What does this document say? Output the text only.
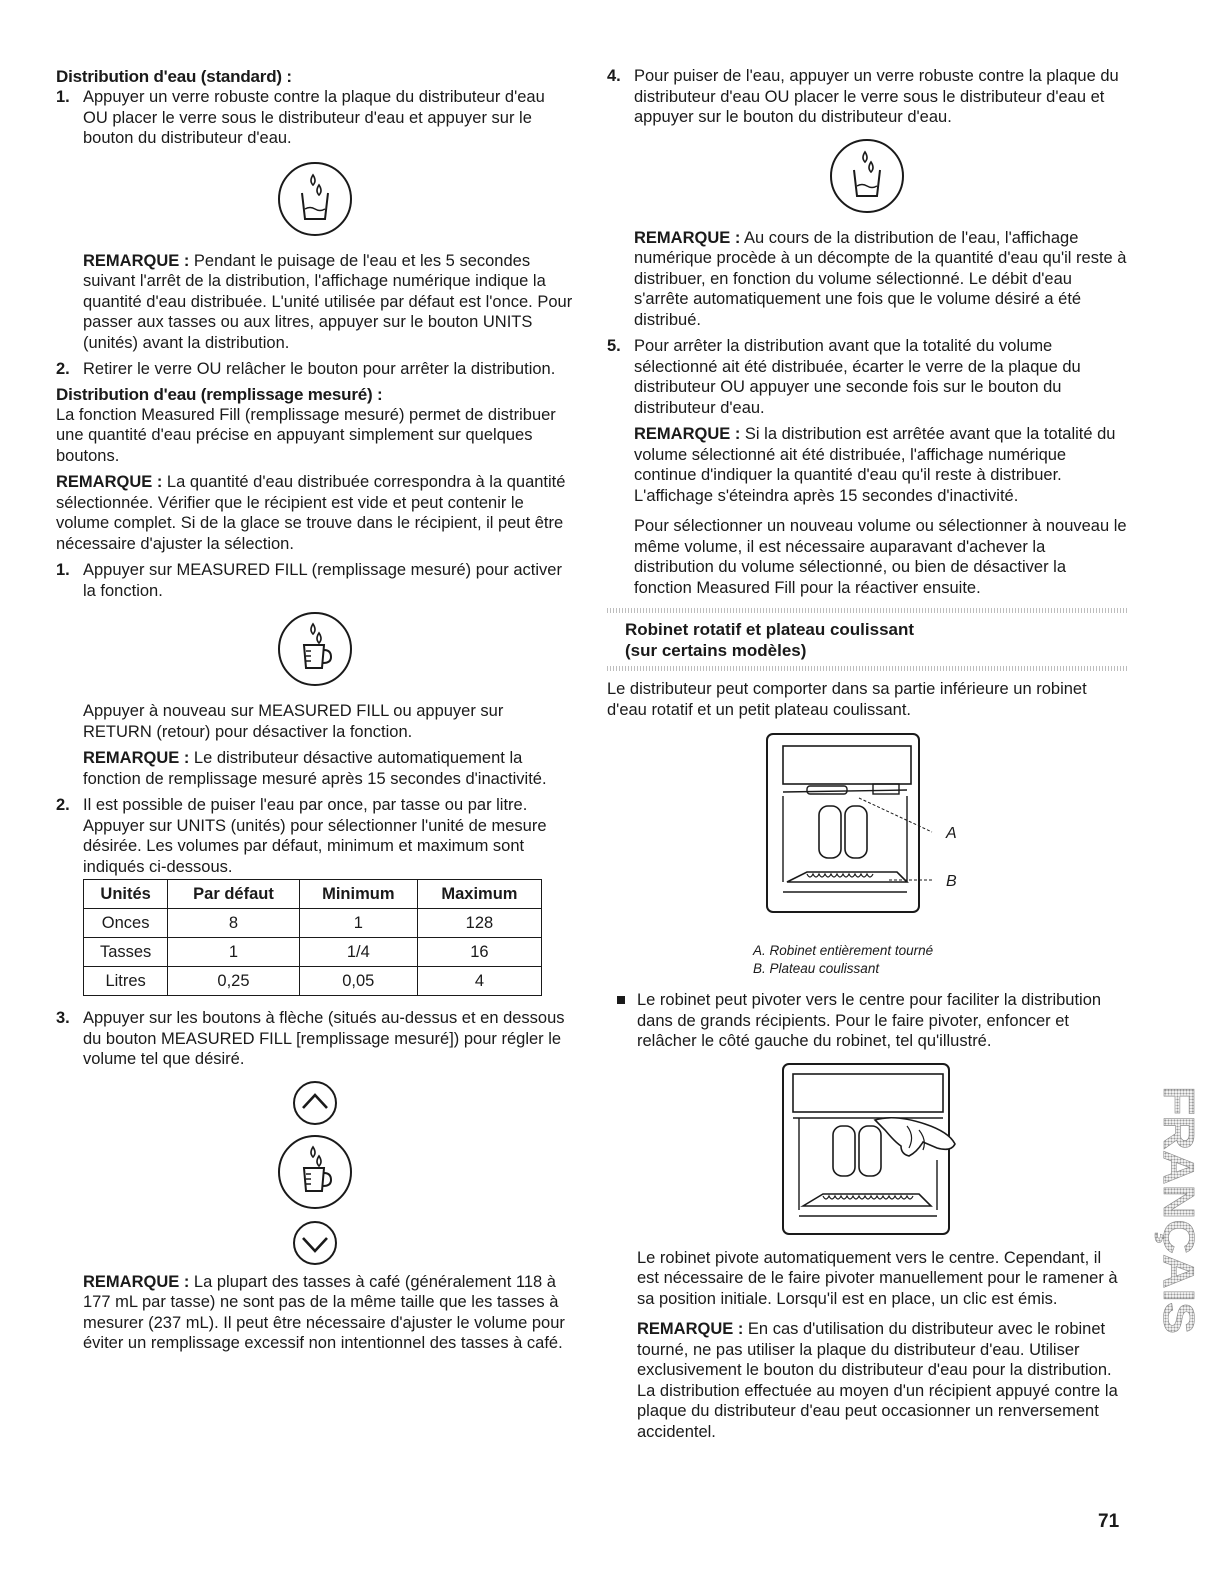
Distribution d'eau (standard) :

1. Appuyer un verre robuste contre la plaque du distributeur d'eau OU placer le verre sous le distributeur d'eau et appuyer sur le bouton du distributeur d'eau.

REMARQUE : Pendant le puisage de l'eau et les 5 secondes suivant l'arrêt de la distribution, l'affichage numérique indique la quantité d'eau distribuée. L'unité utilisée par défaut est l'once. Pour passer aux tasses ou aux litres, appuyer sur le bouton UNITS (unités) avant la distribution.

2. Retirer le verre OU relâcher le bouton pour arrêter la distribution.

Distribution d'eau (remplissage mesuré) :

La fonction Measured Fill (remplissage mesuré) permet de distribuer une quantité d'eau précise en appuyant simplement sur quelques boutons.

REMARQUE : La quantité d'eau distribuée correspondra à la quantité sélectionnée. Vérifier que le récipient est vide et peut contenir le volume complet. Si de la glace se trouve dans le récipient, il peut être nécessaire d'ajuster la sélection.

1. Appuyer sur MEASURED FILL (remplissage mesuré) pour activer la fonction.

Appuyer à nouveau sur MEASURED FILL ou appuyer sur RETURN (retour) pour désactiver la fonction.

REMARQUE : Le distributeur désactive automatiquement la fonction de remplissage mesuré après 15 secondes d'inactivité.

2. Il est possible de puiser l'eau par once, par tasse ou par litre. Appuyer sur UNITS (unités) pour sélectionner l'unité de mesure désirée. Les volumes par défaut, minimum et maximum sont indiqués ci-dessous.

Unités	Par défaut	Minimum	Maximum
Onces	8	1	128
Tasses	1	1/4	16
Litres	0,25	0,05	4
3. Appuyer sur les boutons à flèche (situés au-dessus et en dessous du bouton MEASURED FILL [remplissage mesuré]) pour régler le volume tel que désiré.

REMARQUE : La plupart des tasses à café (généralement 118 à 177 mL par tasse) ne sont pas de la même taille que les tasses à mesurer (237 mL). Il peut être nécessaire d'ajuster le volume pour éviter un remplissage excessif non intentionnel des tasses à café.

4. Pour puiser de l'eau, appuyer un verre robuste contre la plaque du distributeur d'eau OU placer le verre sous le distributeur d'eau et appuyer sur le bouton du distributeur d'eau.

REMARQUE : Au cours de la distribution de l'eau, l'affichage numérique procède à un décompte de la quantité d'eau qu'il reste à distribuer, en fonction du volume sélectionné. Le débit d'eau s'arrête automatiquement une fois que le volume désiré a été distribué.

5. Pour arrêter la distribution avant que la totalité du volume sélectionné ait été distribuée, écarter le verre de la plaque du distributeur OU appuyer une seconde fois sur le bouton du distributeur d'eau.

REMARQUE : Si la distribution est arrêtée avant que la totalité du volume sélectionné ait été distribuée, l'affichage numérique continue d'indiquer la quantité d'eau qu'il reste à distribuer. L'affichage s'éteindra après 15 secondes d'inactivité.

Pour sélectionner un nouveau volume ou sélectionner à nouveau le même volume, il est nécessaire auparavant d'achever la distribution du volume sélectionné, ou bien de désactiver la fonction Measured Fill pour la réactiver ensuite.

Robinet rotatif et plateau coulissant
(sur certains modèles)

Le distributeur peut comporter dans sa partie inférieure un robinet d'eau rotatif et un petit plateau coulissant.

A
B

A. Robinet entièrement tourné

B. Plateau coulissant

Le robinet peut pivoter vers le centre pour faciliter la distribution dans de grands récipients. Pour le faire pivoter, enfoncer et relâcher le côté gauche du robinet, tel qu'illustré.

Le robinet pivote automatiquement vers le centre. Cependant, il est nécessaire de le faire pivoter manuellement pour le ramener à sa position initiale. Lorsqu'il est en place, un clic est émis.

REMARQUE : En cas d'utilisation du distributeur avec le robinet tourné, ne pas utiliser la plaque du distributeur d'eau. Utiliser exclusivement le bouton du distributeur d'eau pour la distribution. La distribution effectuée au moyen d'un récipient appuyé contre la plaque du distributeur d'eau peut occasionner un renversement accidentel.

FRANÇAIS
71
